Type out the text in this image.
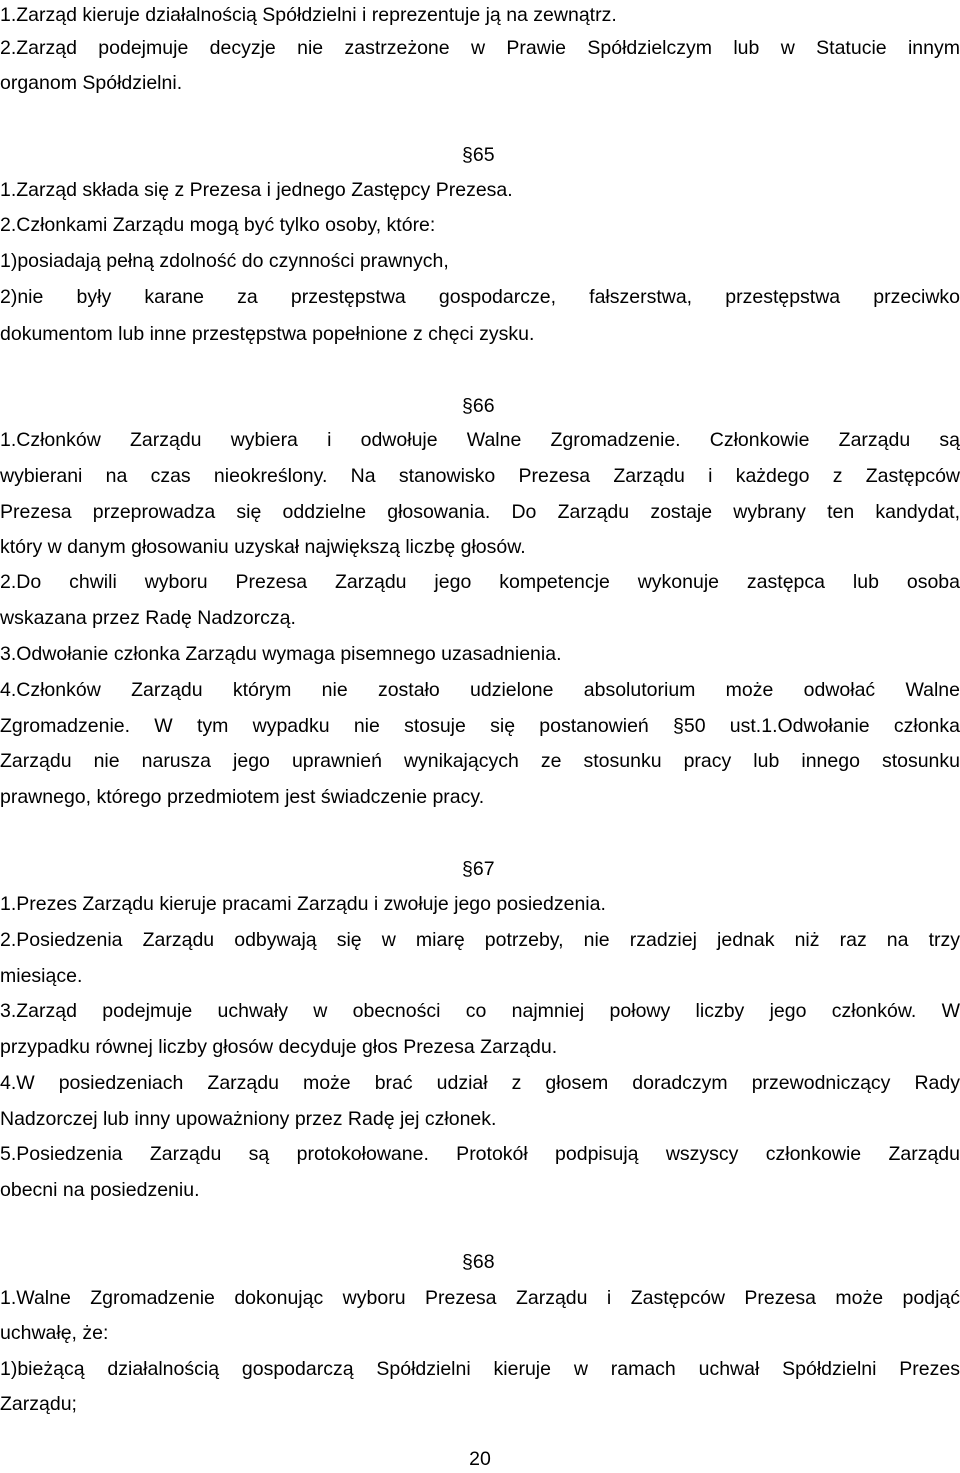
1.Zarząd kieruje działalnością Spółdzielni i reprezentuje ją na zewnątrz.

2.Zarząd podejmuje decyzje nie zastrzeżone w Prawie Spółdzielczym lub w Statucie innym

organom Spółdzielni.

§65

1.Zarząd składa się z Prezesa i jednego Zastępcy Prezesa.

2.Członkami Zarządu mogą być tylko osoby, które:

1)posiadają pełną zdolność do czynności prawnych,

2)nie były karane za przestępstwa gospodarcze, fałszerstwa, przestępstwa przeciwko

dokumentom lub inne przestępstwa popełnione z chęci zysku.

§66

1.Członków Zarządu wybiera i odwołuje Walne Zgromadzenie. Członkowie Zarządu są

wybierani na czas nieokreślony. Na stanowisko Prezesa Zarządu i każdego z Zastępców

Prezesa przeprowadza się oddzielne głosowania. Do Zarządu zostaje wybrany ten kandydat,

który w danym głosowaniu uzyskał największą liczbę głosów.

2.Do chwili wyboru Prezesa Zarządu jego kompetencje wykonuje zastępca lub osoba

wskazana przez Radę Nadzorczą.

3.Odwołanie członka Zarządu wymaga pisemnego uzasadnienia.

4.Członków Zarządu którym nie zostało udzielone absolutorium może odwołać Walne

Zgromadzenie. W tym wypadku nie stosuje się postanowień §50 ust.1.Odwołanie członka

Zarządu nie narusza jego uprawnień wynikających ze stosunku pracy lub innego stosunku

prawnego, którego przedmiotem jest świadczenie pracy.

§67

1.Prezes Zarządu kieruje pracami Zarządu i zwołuje jego posiedzenia.

2.Posiedzenia Zarządu odbywają się w miarę potrzeby, nie rzadziej jednak niż raz na trzy

miesiące.

3.Zarząd podejmuje uchwały w obecności co najmniej połowy liczby jego członków. W

przypadku równej liczby głosów decyduje głos Prezesa Zarządu.

4.W posiedzeniach Zarządu może brać udział z głosem doradczym przewodniczący Rady

Nadzorczej lub inny upoważniony przez Radę jej członek.

5.Posiedzenia Zarządu są protokołowane. Protokół podpisują wszyscy członkowie Zarządu

obecni na posiedzeniu.

§68

1.Walne Zgromadzenie dokonując wyboru Prezesa Zarządu i Zastępców Prezesa może podjąć

uchwałę, że:

1)bieżącą działalnością gospodarczą Spółdzielni kieruje w ramach uchwał Spółdzielni Prezes

Zarządu;

20
